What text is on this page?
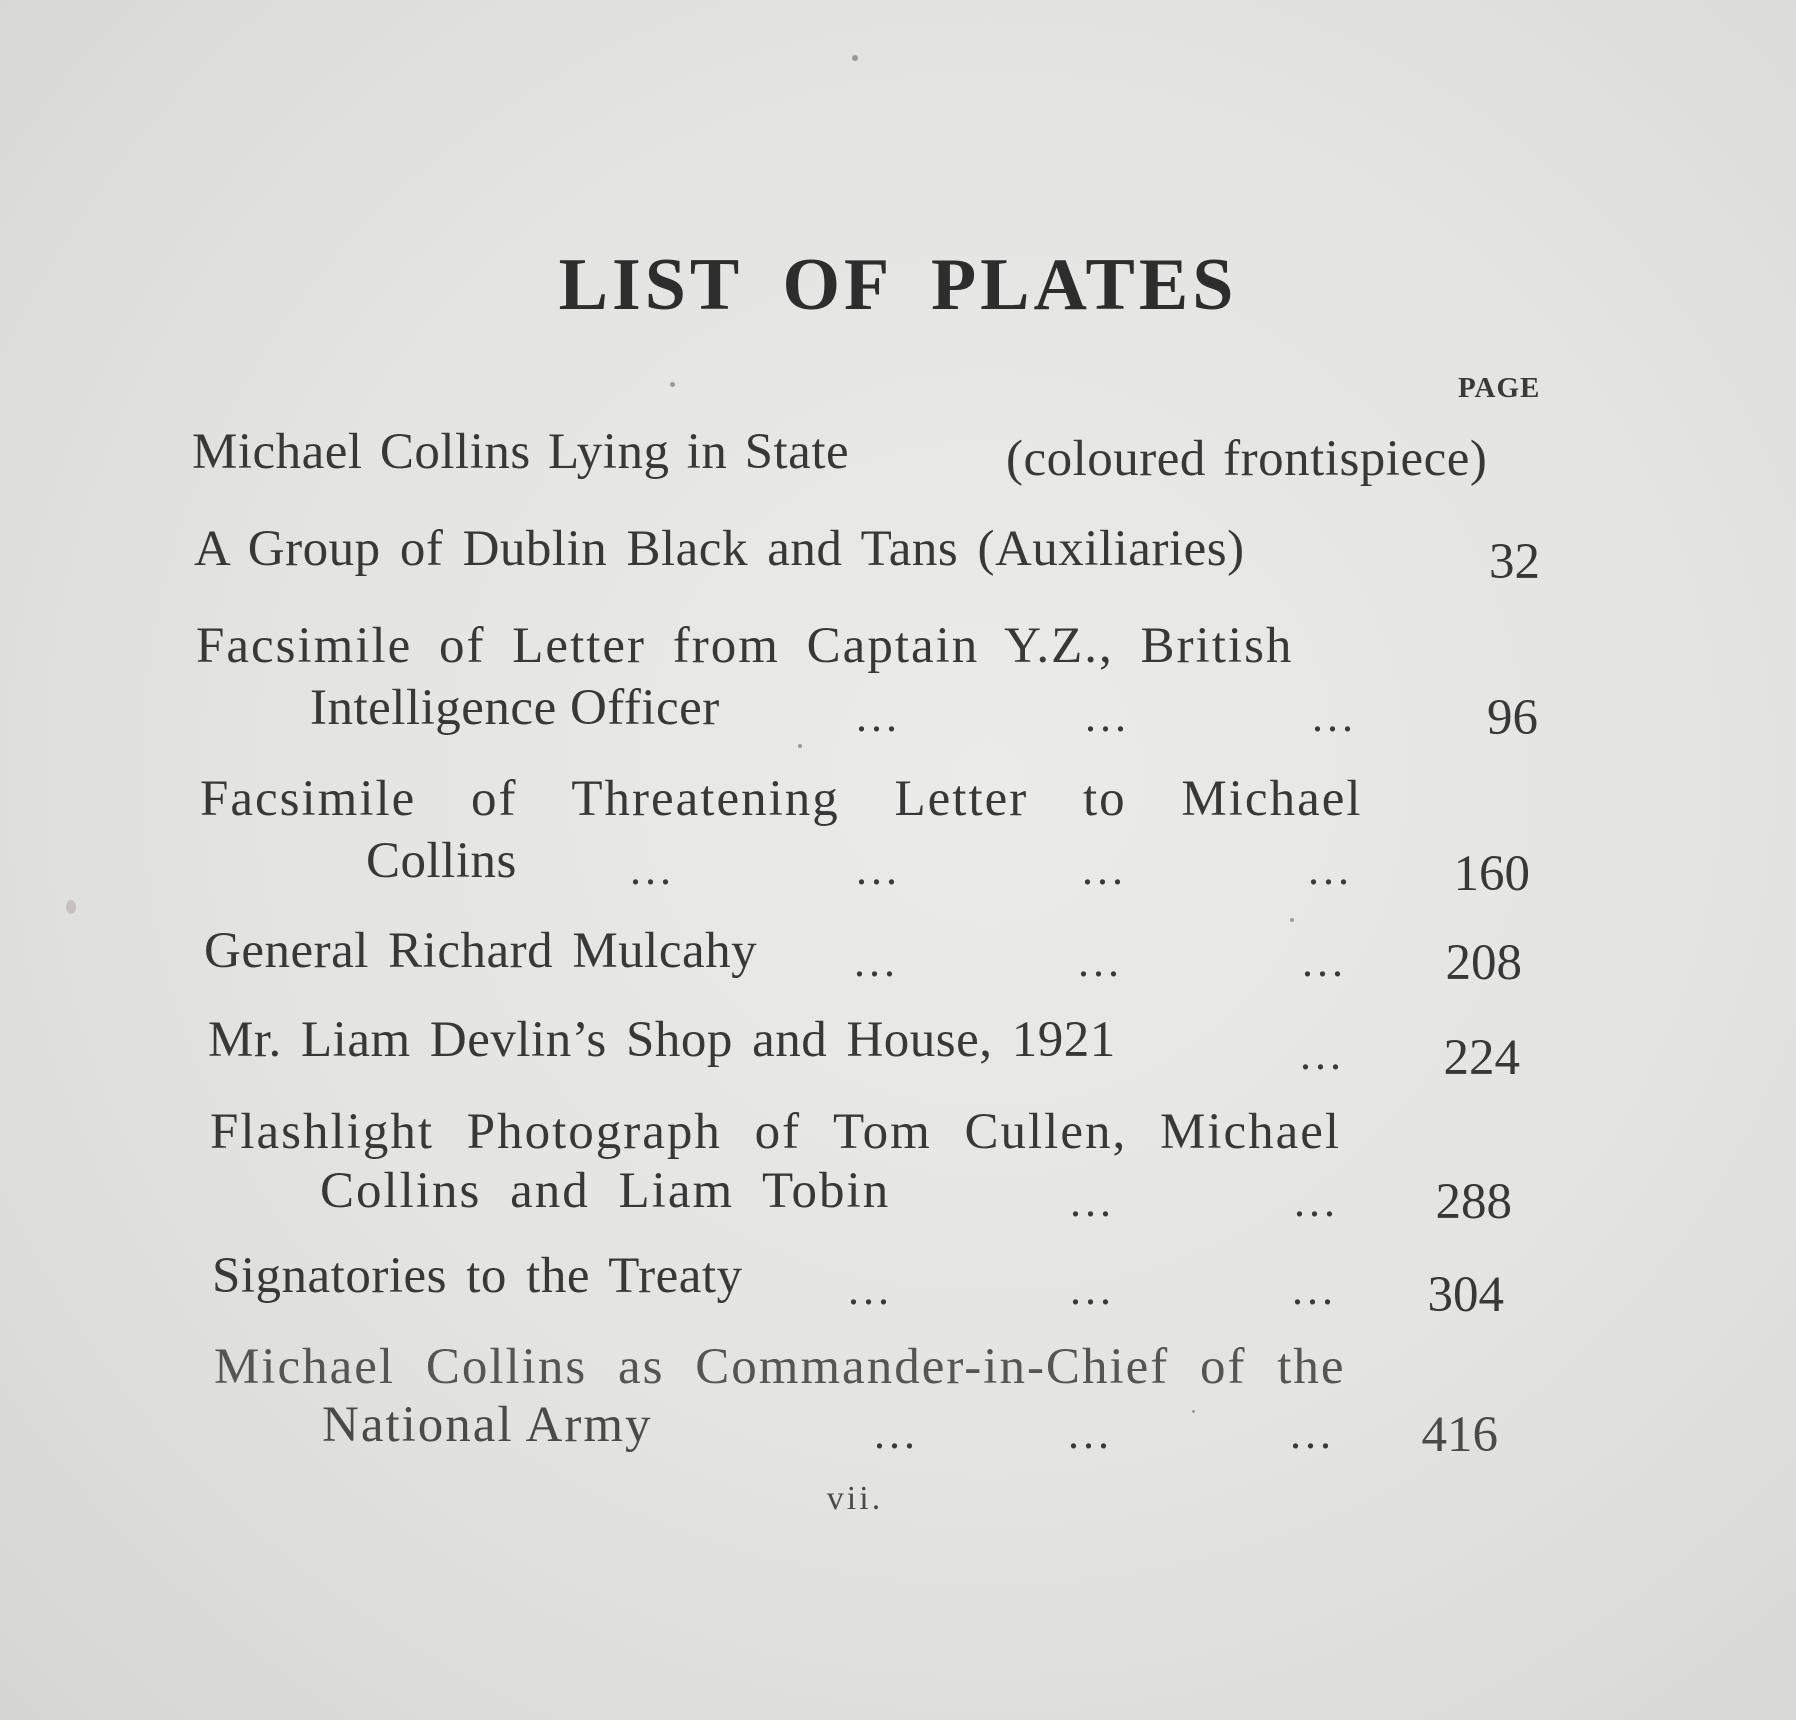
LIST OF PLATES
PAGE
Michael Collins Lying in State	(coloured frontispiece)
A Group of Dublin Black and Tans (Auxiliaries)	32
Facsimile of Letter from Captain Y.Z., British
Intelligence Officer	...	...	...	96
Facsimile of Threatening Letter to Michael
Collins	...	...	...	...	160
General Richard Mulcahy ...	...	...	208
Mr. Liam Devlin’s Shop and House, 1921	...	224
Flashlight Photograph of Tom Cullen, Michael
Collins and Liam Tobin	...	...	288
Signatories to the Treaty ...	...	...	304
Michael Collins as Commander-in-Chief of the
National Army	...	...	...	416
vii.
